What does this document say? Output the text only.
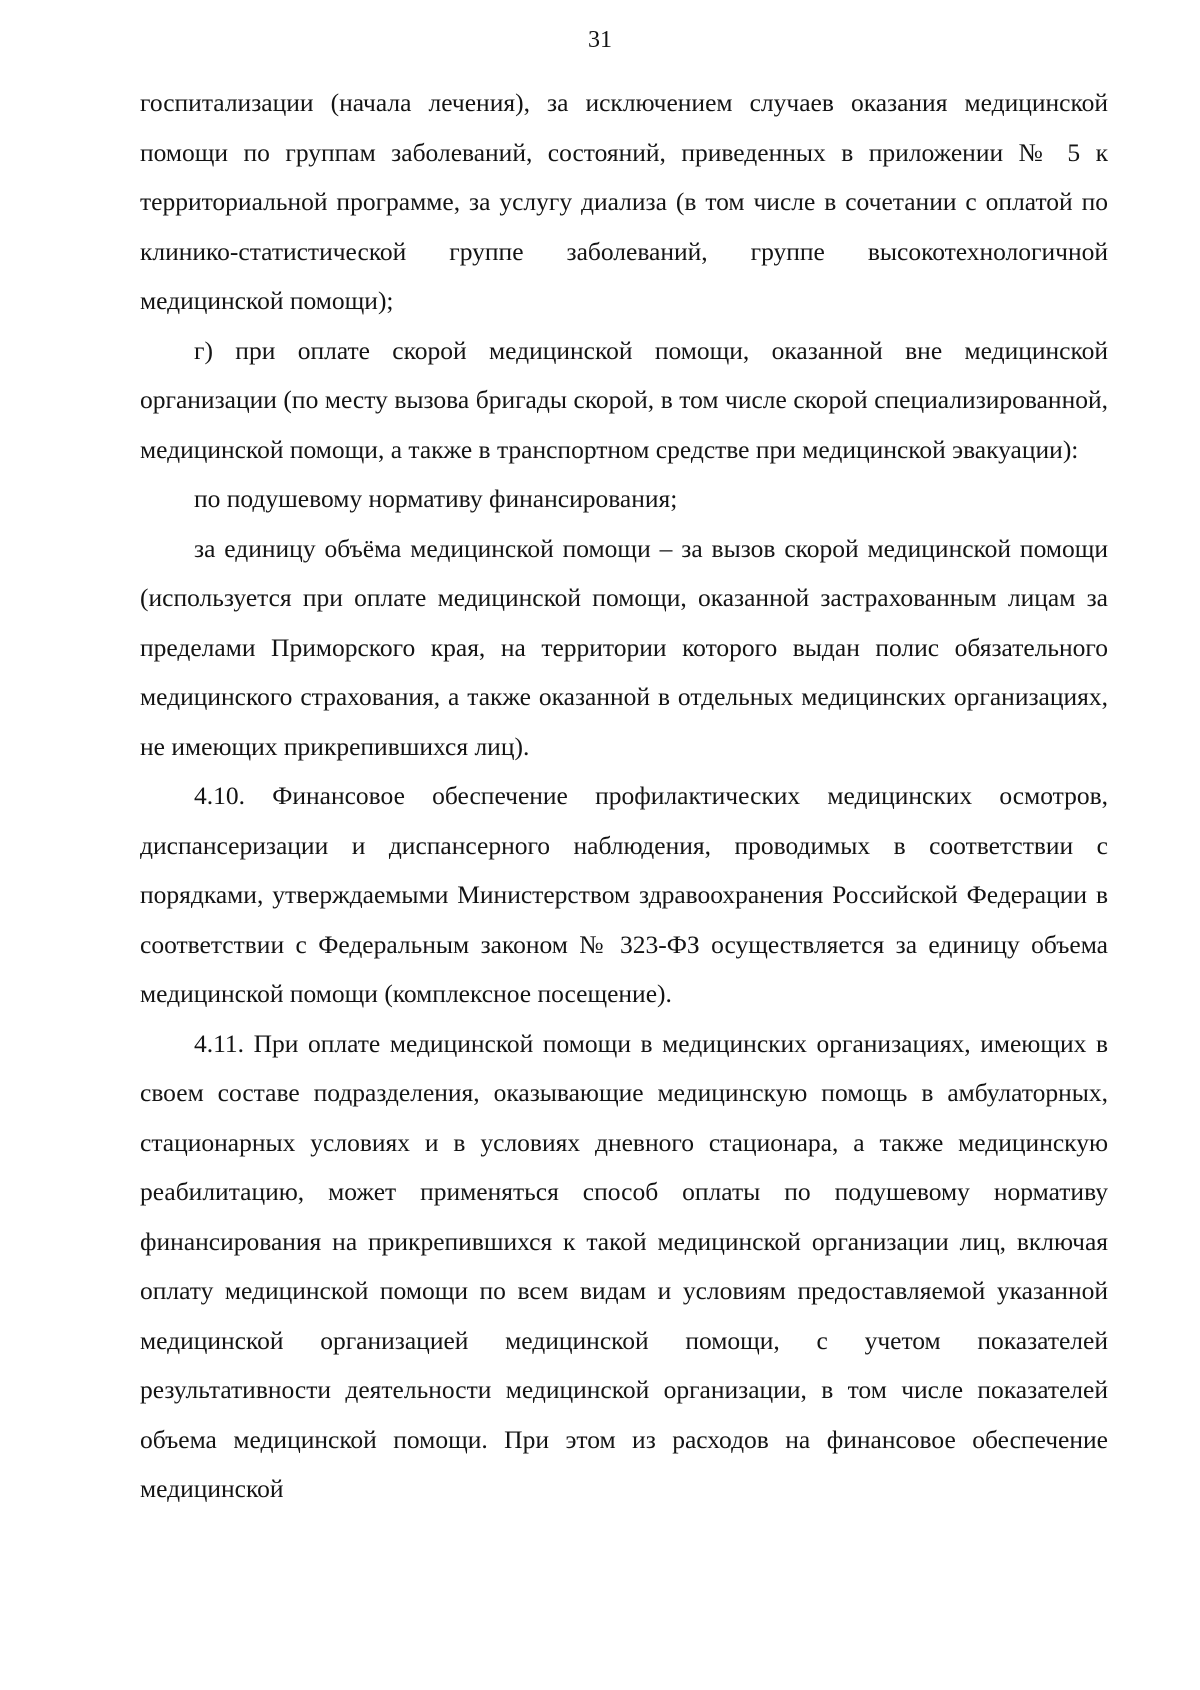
31

госпитализации (начала лечения), за исключением случаев оказания медицинской помощи по группам заболеваний, состояний, приведенных в приложении № 5 к территориальной программе, за услугу диализа (в том числе в сочетании с оплатой по клинико-статистической группе заболеваний, группе высокотехнологичной медицинской помощи);

г) при оплате скорой медицинской помощи, оказанной вне медицинской организации (по месту вызова бригады скорой, в том числе скорой специализированной, медицинской помощи, а также в транспортном средстве при медицинской эвакуации):

по подушевому нормативу финансирования;

за единицу объёма медицинской помощи – за вызов скорой медицинской помощи (используется при оплате медицинской помощи, оказанной застрахованным лицам за пределами Приморского края, на территории которого выдан полис обязательного медицинского страхования, а также оказанной в отдельных медицинских организациях, не имеющих прикрепившихся лиц).

4.10. Финансовое обеспечение профилактических медицинских осмотров, диспансеризации и диспансерного наблюдения, проводимых в соответствии с порядками, утверждаемыми Министерством здравоохранения Российской Федерации в соответствии с Федеральным законом № 323-ФЗ осуществляется за единицу объема медицинской помощи (комплексное посещение).

4.11. При оплате медицинской помощи в медицинских организациях, имеющих в своем составе подразделения, оказывающие медицинскую помощь в амбулаторных, стационарных условиях и в условиях дневного стационара, а также медицинскую реабилитацию, может применяться способ оплаты по подушевому нормативу финансирования на прикрепившихся к такой медицинской организации лиц, включая оплату медицинской помощи по всем видам и условиям предоставляемой указанной медицинской организацией медицинской помощи, с учетом показателей результативности деятельности медицинской организации, в том числе показателей объема медицинской помощи. При этом из расходов на финансовое обеспечение медицинской
